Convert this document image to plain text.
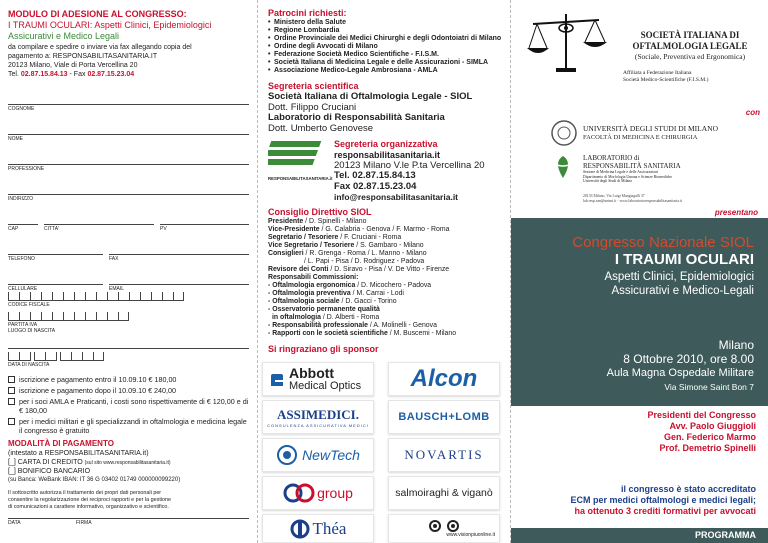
MODULO DI ADESIONE AL CONGRESSO:
I TRAUMI OCULARI: Aspetti Clinici, Epidemiologici
Assicurativi e Medico Legali
da compilare e spedire o inviare via fax allegando copia del
pagamento a: RESPONSABILITASANITARIA.IT
20123 Milano, Viale di Porta Vercellina 20
Tel. 02.87.15.84.13 - Fax 02.87.15.23.04
COGNOME
NOME
PROFESSIONE
INDIRIZZO
CAP	CITTA'	PV
TELEFONO	FAX
CELLULARE	EMAIL
CODICE FISCALE
PARTITA IVA
LUOGO DI NASCITA
DATA DI NASCITA
iscrizione e pagamento entro il 10.09.10 € 180,00
iscrizione e pagamento dopo il 10.09.10 € 240,00
per i soci AMLA e Praticanti, i costi sono rispettivamente di € 120,00 e di € 180,00
per i medici militari e gli specializzandi in oftalmologia e medicina legale il congresso è gratuito
MODALITÀ DI PAGAMENTO
(intestato a RESPONSABILITASANITARIA.it)
[_] CARTA DI CREDITO (sul sito www.responsabilitasanitaria.it)
[_] BONIFICO BANCARIO
(su Banca: WeBank IBAN: IT 36 G 03402 01749 000000099220)
Il sottoscritto autorizza il trattamento dei propri dati personali per
consentire la regolarizzazione dei reciproci rapporti e per la gestione
di comunicazioni a carattere informativo, organizzativo e scientifico.
DATA	FIRMA
Patrocini richiesti:
• Ministero della Salute
• Regione Lombardia
• Ordine Provinciale dei Medici Chirurghi e degli Odontoiatri di Milano
• Ordine degli Avvocati di Milano
• Federazione Società Medico Scientifiche - F.I.S.M.
• Società Italiana di Medicina Legale e delle Assicurazioni - SIMLA
• Associazione Medico-Legale Ambrosiana - AMLA
Segreteria scientifica
Società Italiana di Oftalmologia Legale - SIOL
Dott. Filippo Cruciani
Laboratorio di Responsabilità Sanitaria
Dott. Umberto Genovese
RESPONSABILITASANITARIA.it
Segreteria organizzativa
responsabilitasanitaria.it
20123 Milano V.le P.ta Vercellina 20
Tel. 02.87.15.84.13
Fax 02.87.15.23.04
info@responsabilitasanitaria.it
Consiglio Direttivo SIOL
Presidente / D. Spinelli - Milano
Vice-Presidente / G. Calabria - Genova / F. Marmo - Roma
Segretario / Tesoriere / F. Cruciani - Roma
Vice Segretario / Tesoriere / S. Gambaro - Milano
Consiglieri / R. Grenga - Roma / L. Manno - Milano
/ L. Papi - Pisa / D. Rodriguez - Padova
Revisore dei Conti / D. Siravo - Pisa / V. De Vitto - Firenze
Responsabili Commissioni:
- Oftalmologia ergonomica / D. Micochero - Padova
- Oftalmologia preventiva / M. Carrai - Lodi
- Oftalmologia sociale / D. Gacci - Torino
- Osservatorio permanente qualità
in oftalmologia / D. Alberti - Roma
- Responsabilità professionale / A. Molinelli - Genova
- Rapporti con le società scientifiche / M. Buscemi - Milano
Si ringraziano gli sponsor
Abbott
Medical Optics Alcon
ASSIMEDICI.
CONSULENZA ASSICURATIVA MEDICI
BAUSCH+LOMB
NewTech	NOVARTIS
group	salmoiraghi & viganò
Théa	www.visionpiuonline.it
SOCIETÀ ITALIANA DI
OFTALMOLOGIA LEGALE
(Sociale, Preventiva ed Ergonomica)
Affiliata a Federazione Italiana
Società Medico-Scientifiche (F.I.S.M.)
con
UNIVERSITÀ DEGLI STUDI DI MILANO
FACOLTÀ DI MEDICINA E CHIRURGIA
LABORATORIO di
RESPONSABILITÀ SANITARIA
Sezione di Medicina Legale e delle Assicurazioni
Dipartimento di Morfologia Umana e Scienze Biomediche
Università degli Studi di Milano
20133 Milano, Via Luigi Mangiagalli 37
lab.resp.san@unimi.it · www.laboratorioresponsabilitasanitaria.it
presentano
Congresso Nazionale SIOL
I TRAUMI OCULARI
Aspetti Clinici, Epidemiologici
Assicurativi e Medico-Legali
Milano
8 Ottobre 2010, ore 8.00
Aula Magna Ospedale Militare
Via Simone Saint Bon 7
Presidenti del Congresso
Avv. Paolo Giuggioli
Gen. Federico Marmo
Prof. Demetrio Spinelli
il congresso è stato accreditato
ECM per medici oftalmologi e medici legali;
ha ottenuto 3 crediti formativi per avvocati
PROGRAMMA
